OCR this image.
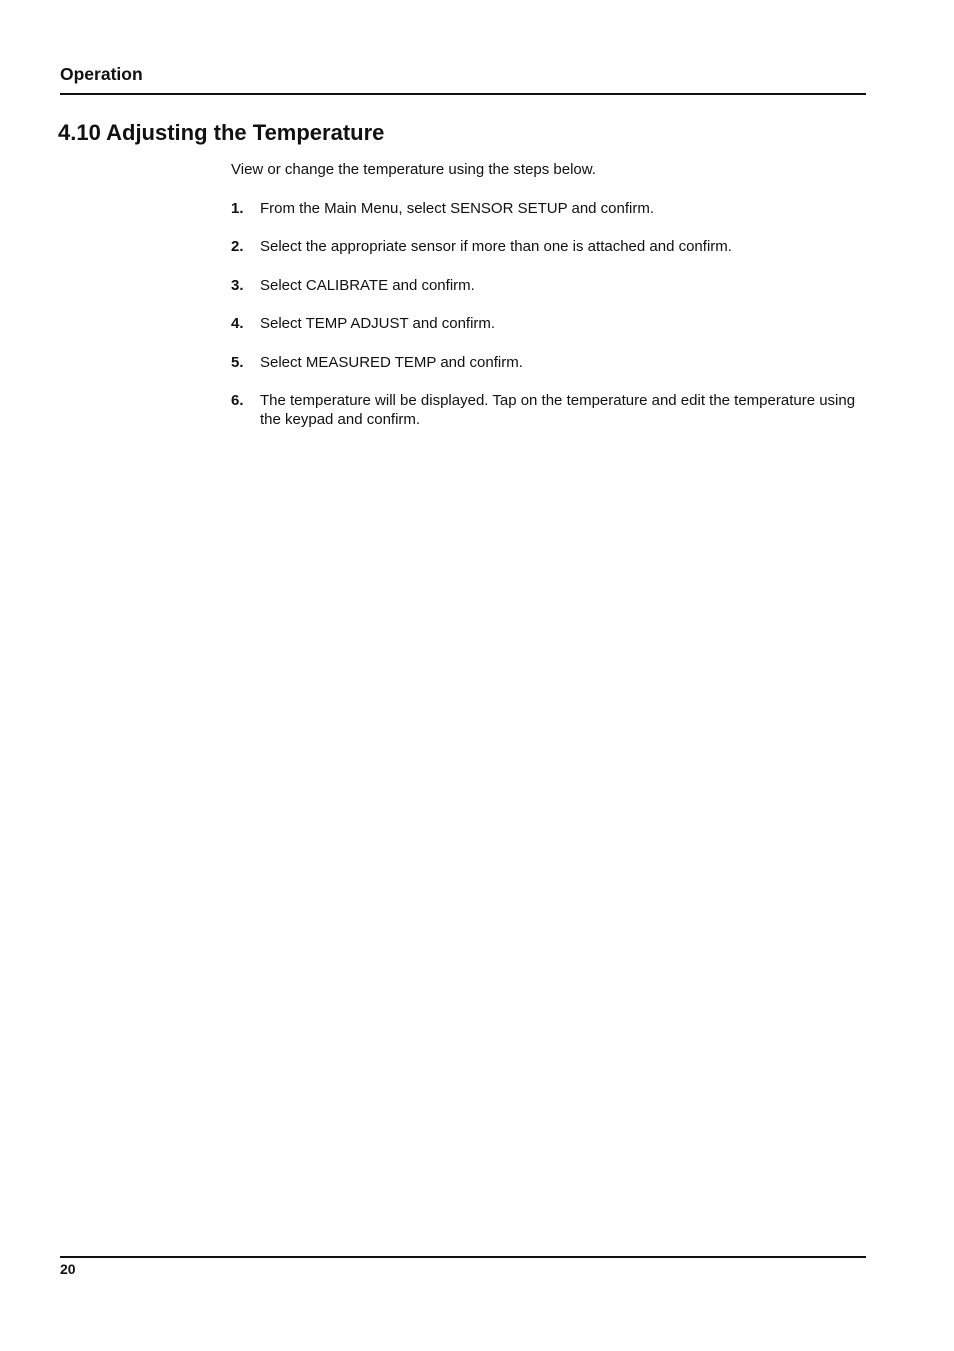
Operation
4.10 Adjusting the Temperature

View or change the temperature using the steps below.

1.	From the Main Menu, select SENSOR SETUP and confirm.
2.	Select the appropriate sensor if more than one is attached and confirm.
3.	Select CALIBRATE and confirm.
4.	Select TEMP ADJUST and confirm.
5.	Select MEASURED TEMP and confirm.
6.	The temperature will be displayed. Tap on the temperature and edit the temperature using the keypad and confirm.
20
